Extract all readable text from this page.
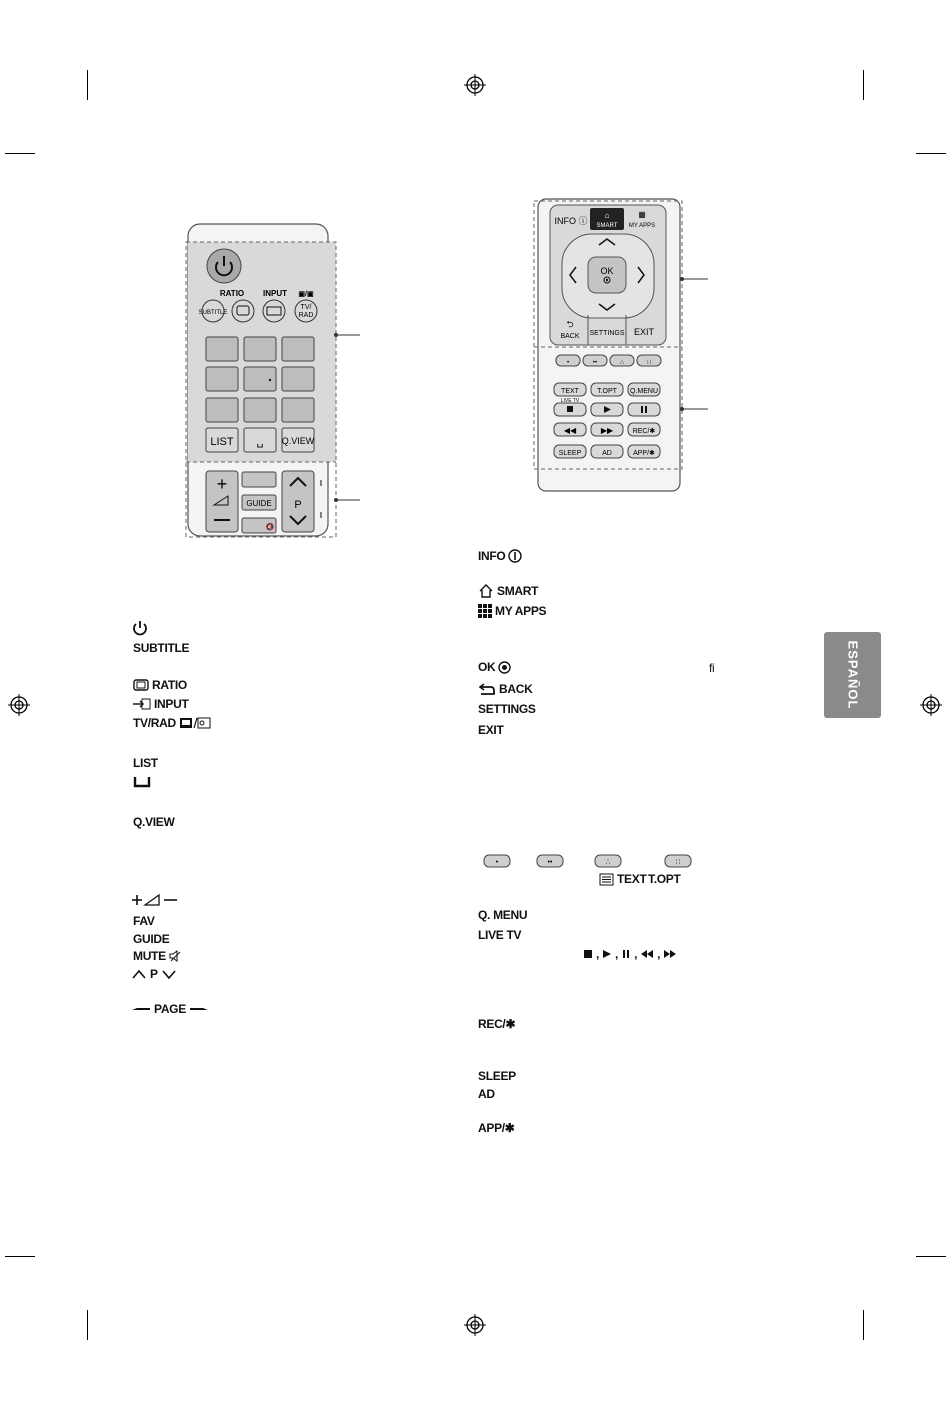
ESPAÑOL
RATIO INPUT
SUBTITLE
TV/
RAD
▣/▣
LIST ␣ Q.VIEW
+
GUIDE
🔇
P
INFO ⓘ SMART
⌂	▦
MY APPS
OK
⮌
BACK SETTINGS EXIT
•	••	∴	∷
TEXT	T.OPT Q.MENU
LIVE TV
◀◀	▶▶	REC/✱
SLEEP	AD	APP/✱
SUBTITLE
RATIO
INPUT
TV/RAD
LIST
Q.VIEW
FAV
GUIDE
MUTE
P
PAGE
INFO
SMART
MY APPS
OK	fi
BACK
SETTINGS
EXIT
•	••	∴	∷
TEXT T.OPT
Q. MENU
LIVE TV
, , , ,
REC/✱
SLEEP
AD
APP/✱
